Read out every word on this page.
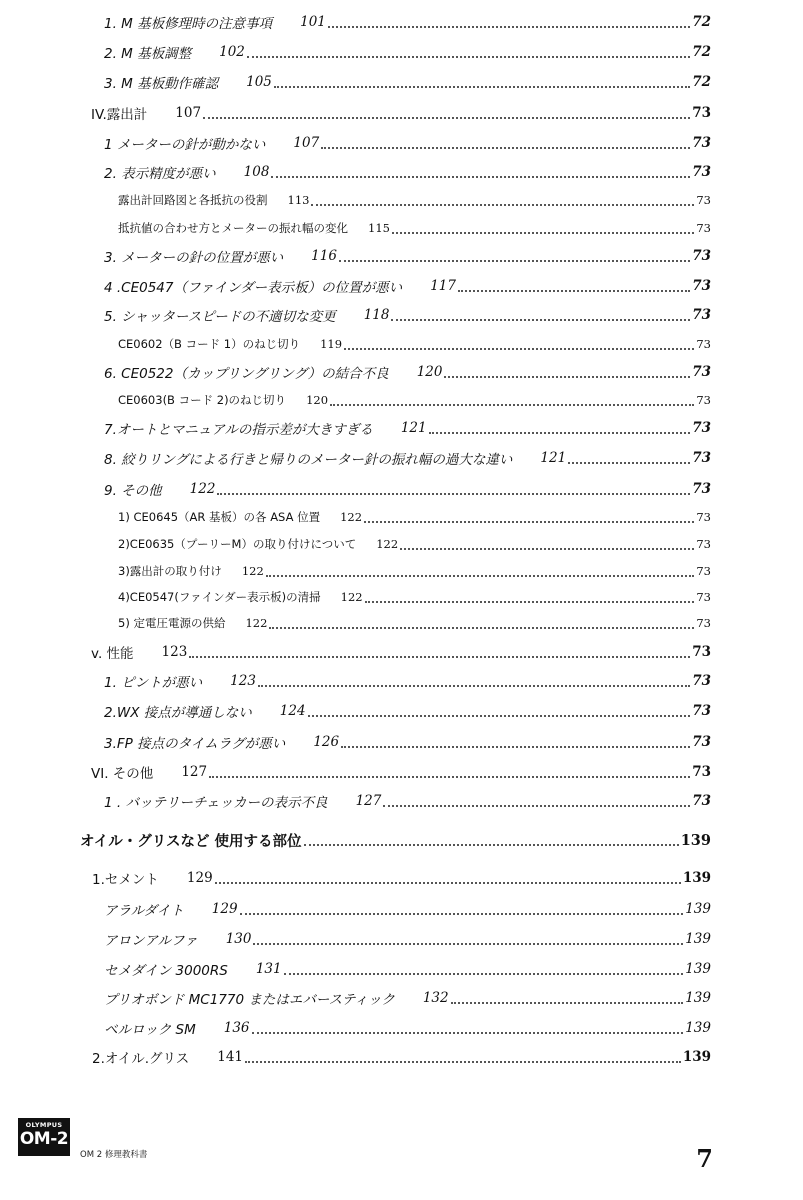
1. M 基板修理時の注意事項 101	72
2. M 基板調整 102	72
3. M 基板動作確認 105	72
IV.露出計 107	73
1 メーターの針が動かない 107	73
2. 表示精度が悪い 108	73
露出計回路図と各抵抗の役割 113	73
抵抗値の合わせ方とメーターの振れ幅の変化 115	73
3. メーターの針の位置が悪い 116	73
4 .CE0547（ファインダー表示板）の位置が悪い 117	73
5. シャッタースピードの不適切な変更 118	73
CE0602（B コード 1）のねじ切り 119	73
6. CE0522（カップリングリング）の結合不良 120	73
CE0603(B コード 2)のねじ切り 120	73
7.オートとマニュアルの指示差が大きすぎる 121	73
8. 絞りリングによる行きと帰りのメーター針の振れ幅の過大な違い 121	73
9. その他 122	73
1) CE0645（AR 基板）の各 ASA 位置 122	73
2)CE0635（プーリーM）の取り付けについて 122	73
3)露出計の取り付け 122	73
4)CE0547(ファインダー表示板)の清掃 122	73
5) 定電圧電源の供給 122	73
v. 性能 123	73
1. ピントが悪い 123	73
2.WX 接点が導通しない 124	73
3.FP 接点のタイムラグが悪い 126	73
VI. その他 127	73
1 . バッテリーチェッカーの表示不良 127	73
オイル・グリスなど 使用する部位	139
1.セメント 129	139
アラルダイト 129	139
アロンアルファ 130	139
セメダイン 3000RS 131	139
プリオボンド MC1770 またはエバースティック 132	139
ベルロック SM 136	139
2.オイル.グリス 141	139
OLYMPUS
OM-2
OM 2 修理教科書	7
